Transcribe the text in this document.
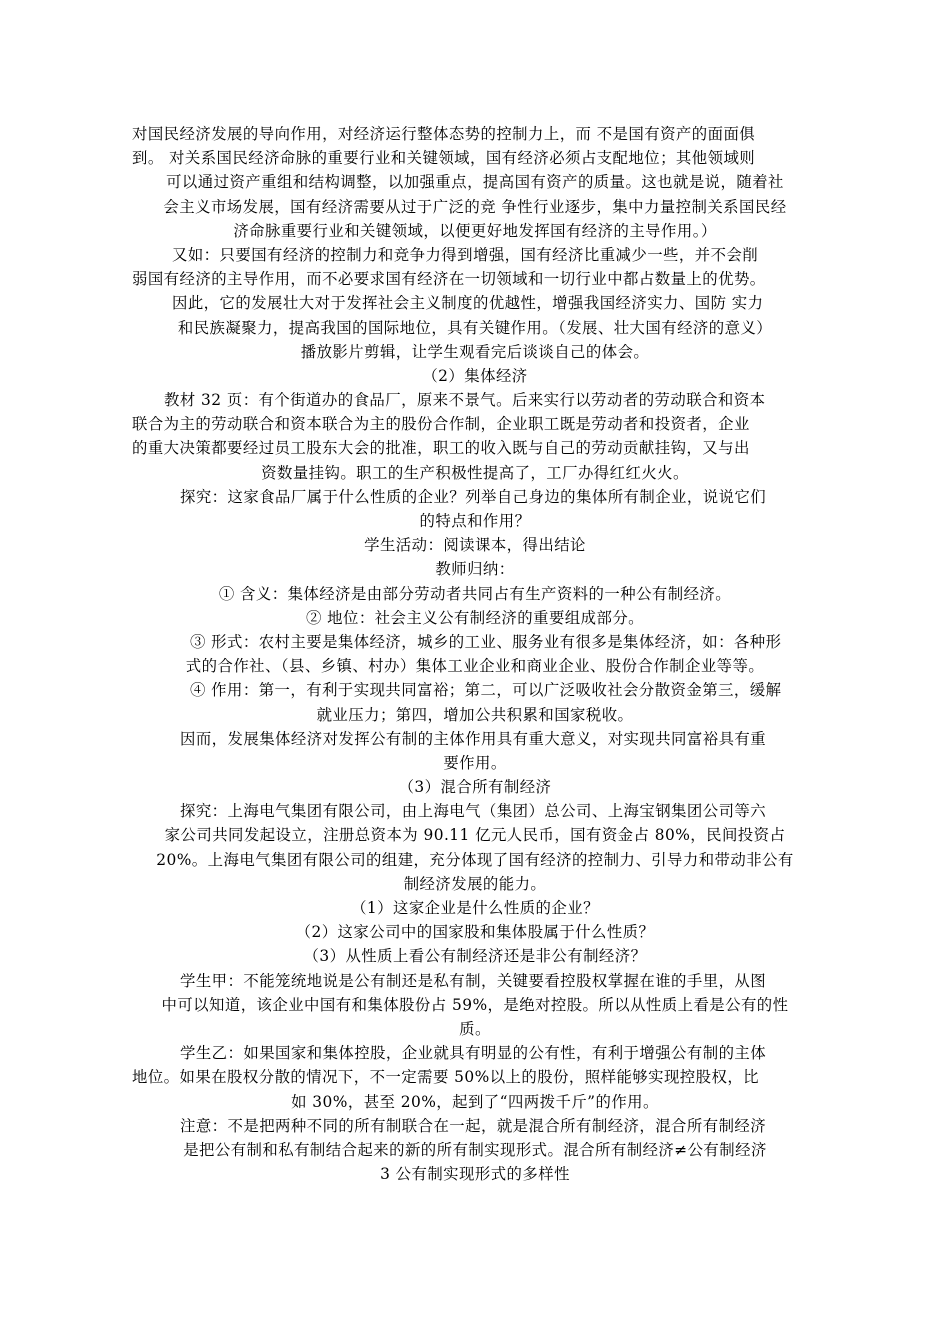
对国民经济发展的导向作用，对经济运行整体态势的控制力上，而 不是国有资产的面面俱
到。 对关系国民经济命脉的重要行业和关键领域，国有经济必须占支配地位；其他领域则
可以通过资产重组和结构调整，以加强重点，提高国有资产的质量。这也就是说，随着社
会主义市场发展，国有经济需要从过于广泛的竞 争性行业逐步，集中力量控制关系国民经
济命脉重要行业和关键领域，以便更好地发挥国有经济的主导作用。）
又如：只要国有经济的控制力和竞争力得到增强，国有经济比重减少一些，并不会削
弱国有经济的主导作用，而不必要求国有经济在一切领域和一切行业中都占数量上的优势。
因此，它的发展壮大对于发挥社会主义制度的优越性，增强我国经济实力、国防 实力
和民族凝聚力，提高我国的国际地位，具有关键作用。（发展、壮大国有经济的意义）
播放影片剪辑，让学生观看完后谈谈自己的体会。
（2）集体经济
教材 32 页：有个街道办的食品厂，原来不景气。后来实行以劳动者的劳动联合和资本
联合为主的劳动联合和资本联合为主的股份合作制，企业职工既是劳动者和投资者，企业
的重大决策都要经过员工股东大会的批准，职工的收入既与自己的劳动贡献挂钩，又与出
资数量挂钩。职工的生产积极性提高了，工厂办得红红火火。
探究：这家食品厂属于什么性质的企业？列举自己身边的集体所有制企业，说说它们
的特点和作用？
学生活动：阅读课本，得出结论
教师归纳：
① 含义：集体经济是由部分劳动者共同占有生产资料的一种公有制经济。
② 地位：社会主义公有制经济的重要组成部分。
③ 形式：农村主要是集体经济，城乡的工业、服务业有很多是集体经济，如：各种形
式的合作社、（县、乡镇、村办）集体工业企业和商业企业、股份合作制企业等等。
④ 作用：第一，有利于实现共同富裕；第二，可以广泛吸收社会分散资金第三，缓解
就业压力；第四，增加公共积累和国家税收。
因而，发展集体经济对发挥公有制的主体作用具有重大意义，对实现共同富裕具有重
要作用。
（3）混合所有制经济
探究：上海电气集团有限公司，由上海电气（集团）总公司、上海宝钢集团公司等六
家公司共同发起设立，注册总资本为 90.11 亿元人民币，国有资金占 80%，民间投资占
20%。上海电气集团有限公司的组建，充分体现了国有经济的控制力、引导力和带动非公有
制经济发展的能力。
（1）这家企业是什么性质的企业？
（2）这家公司中的国家股和集体股属于什么性质？
（3）从性质上看公有制经济还是非公有制经济？
学生甲：不能笼统地说是公有制还是私有制，关键要看控股权掌握在谁的手里，从图
中可以知道，该企业中国有和集体股份占 59%，是绝对控股。所以从性质上看是公有的性
质。
学生乙：如果国家和集体控股，企业就具有明显的公有性，有利于增强公有制的主体
地位。如果在股权分散的情况下，不一定需要 50%以上的股份，照样能够实现控股权，比
如 30%，甚至 20%，起到了“四两拨千斤”的作用。
注意：不是把两种不同的所有制联合在一起，就是混合所有制经济，混合所有制经济
是把公有制和私有制结合起来的新的所有制实现形式。混合所有制经济≠公有制经济
3 公有制实现形式的多样性
